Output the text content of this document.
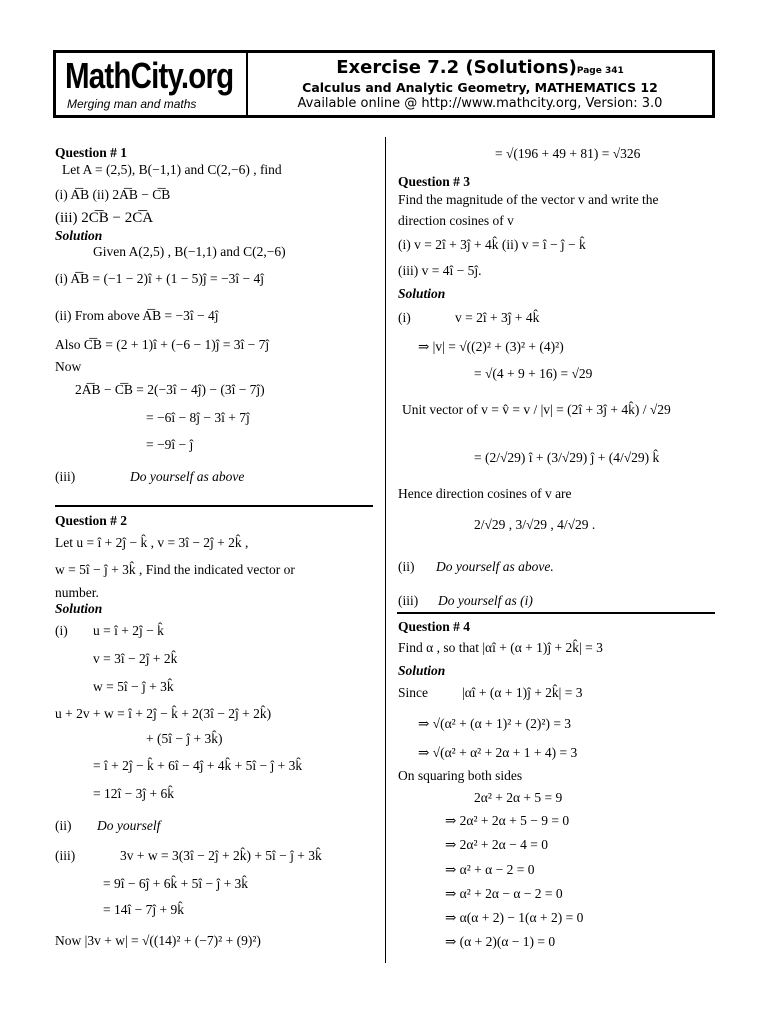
MathCity.org
Merging man and maths
Exercise 7.2 (Solutions)Page 341
Calculus and Analytic Geometry, MATHEMATICS 12
Available online @ http://www.mathcity.org, Version: 3.0
Question # 1
Let A = (2,5), B(−1,1) and C(2,−6) , find
(i) A͞B (ii) 2A͞B − C͞B
(iii) 2C͞B − 2C͞A
Solution
Given A(2,5) , B(−1,1) and C(2,−6)
(i) A͞B = (−1 − 2)î + (1 − 5)ĵ = −3î − 4ĵ
(ii) From above A͞B = −3î − 4ĵ
Also C͞B = (2 + 1)î + (−6 − 1)ĵ = 3î − 7ĵ
Now
2A͞B − C͞B = 2(−3î − 4ĵ) − (3î − 7ĵ)
= −6î − 8ĵ − 3î + 7ĵ
= −9î − ĵ
(iii)	Do yourself as above
Question # 2
Let u = î + 2ĵ − k̂ , v = 3î − 2ĵ + 2k̂ ,
w = 5î − ĵ + 3k̂ , Find the indicated vector or
number.
Solution
(i) u = î + 2ĵ − k̂
v = 3î − 2ĵ + 2k̂
w = 5î − ĵ + 3k̂
u + 2v + w = î + 2ĵ − k̂ + 2(3î − 2ĵ + 2k̂)
+ (5î − ĵ + 3k̂)
= î + 2ĵ − k̂ + 6î − 4ĵ + 4k̂ + 5î − ĵ + 3k̂
= 12î − 3ĵ + 6k̂
(ii) Do yourself
(iii)	3v + w = 3(3î − 2ĵ + 2k̂) + 5î − ĵ + 3k̂
= 9î − 6ĵ + 6k̂ + 5î − ĵ + 3k̂
= 14î − 7ĵ + 9k̂
Now |3v + w| = √((14)² + (−7)² + (9)²)
= √(196 + 49 + 81) = √326
Question # 3
Find the magnitude of the vector v and write the
direction cosines of v
(i) v = 2î + 3ĵ + 4k̂ (ii) v = î − ĵ − k̂
(iii) v = 4î − 5ĵ.
Solution
(i)	v = 2î + 3ĵ + 4k̂
⇒ |v| = √((2)² + (3)² + (4)²)
= √(4 + 9 + 16) = √29
Unit vector of v = v̂ = v / |v| = (2î + 3ĵ + 4k̂) / √29
= (2/√29) î + (3/√29) ĵ + (4/√29) k̂
Hence direction cosines of v are
2/√29 , 3/√29 , 4/√29 .
(ii) Do yourself as above.
(iii) Do yourself as (i)
Question # 4
Find α , so that |αî + (α + 1)ĵ + 2k̂| = 3
Solution
Since	|αî + (α + 1)ĵ + 2k̂| = 3
⇒ √(α² + (α + 1)² + (2)²) = 3
⇒ √(α² + α² + 2α + 1 + 4) = 3
On squaring both sides
2α² + 2α + 5 = 9
⇒ 2α² + 2α + 5 − 9 = 0
⇒ 2α² + 2α − 4 = 0
⇒ α² + α − 2 = 0
⇒ α² + 2α − α − 2 = 0
⇒ α(α + 2) − 1(α + 2) = 0
⇒ (α + 2)(α − 1) = 0
